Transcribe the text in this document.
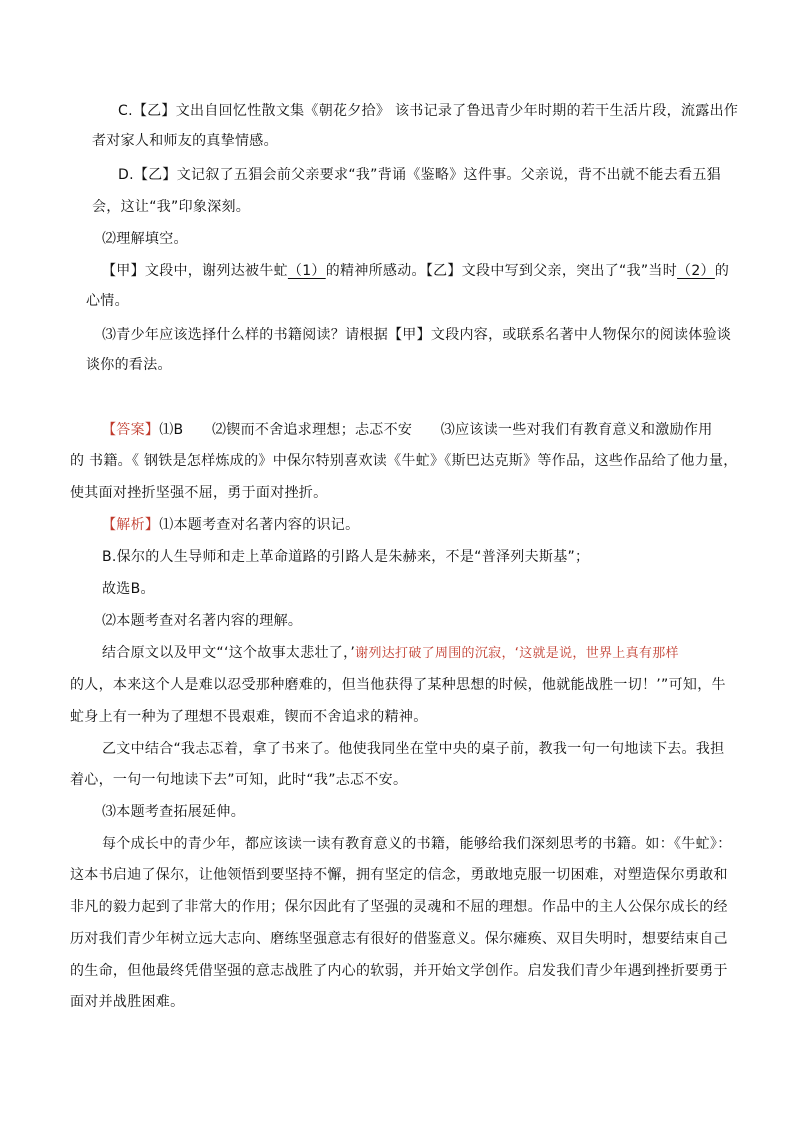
C.【乙】文出自回忆性散文集《朝花夕拾》 该书记录了鲁迅青少年时期的若干生活片段，流露出作
者对家人和师友的真挚情感。
D.【乙】文记叙了五猖会前父亲要求“我”背诵《鉴略》这件事。父亲说，背不出就不能去看五猖
会，这让“我”印象深刻。
⑵理解填空。
【甲】文段中，谢列达被牛虻（1）的精神所感动。【乙】文段中写到父亲，突出了“我”当时（2）的
心情。
⑶青少年应该选择什么样的书籍阅读？请根据【甲】文段内容，或联系名著中人物保尔的阅读体验谈
谈你的看法。
【答案】⑴B　　⑵锲而不舍追求理想；忐忑不安　　⑶应该读一些对我们有教育意义和激励作用
的 书籍。《 钢铁是怎样炼成的》中保尔特别喜欢读《牛虻》《斯巴达克斯》等作品，这些作品给了他力量，
使其面对挫折坚强不屈，勇于面对挫折。
【解析】⑴本题考查对名著内容的识记。
B.保尔的人生导师和走上革命道路的引路人是朱赫来，不是“普泽列夫斯基”；
故选B。
⑵本题考查对名著内容的理解。
结合原文以及甲文“‘这个故事太悲壮了，’谢列达打破了周围的沉寂，‘这就是说，世界上真有那样
的人，本来这个人是难以忍受那种磨难的，但当他获得了某种思想的时候，他就能战胜一切！’”可知，牛
虻身上有一种为了理想不畏艰难，锲而不舍追求的精神。
乙文中结合“我忐忑着，拿了书来了。他使我同坐在堂中央的桌子前，教我一句一句地读下去。我担
着心，一句一句地读下去”可知，此时“我”忐忑不安。
⑶本题考查拓展延伸。
每个成长中的青少年，都应该读一读有教育意义的书籍，能够给我们深刻思考的书籍。如：《牛虻》：
这本书启迪了保尔，让他领悟到要坚持不懈，拥有坚定的信念，勇敢地克服一切困难，对塑造保尔勇敢和
非凡的毅力起到了非常大的作用；保尔因此有了坚强的灵魂和不屈的理想。作品中的主人公保尔成长的经
历对我们青少年树立远大志向、磨练坚强意志有很好的借鉴意义。保尔瘫痪、双目失明时，想要结束自己
的生命，但他最终凭借坚强的意志战胜了内心的软弱，并开始文学创作。启发我们青少年遇到挫折要勇于
面对并战胜困难。
